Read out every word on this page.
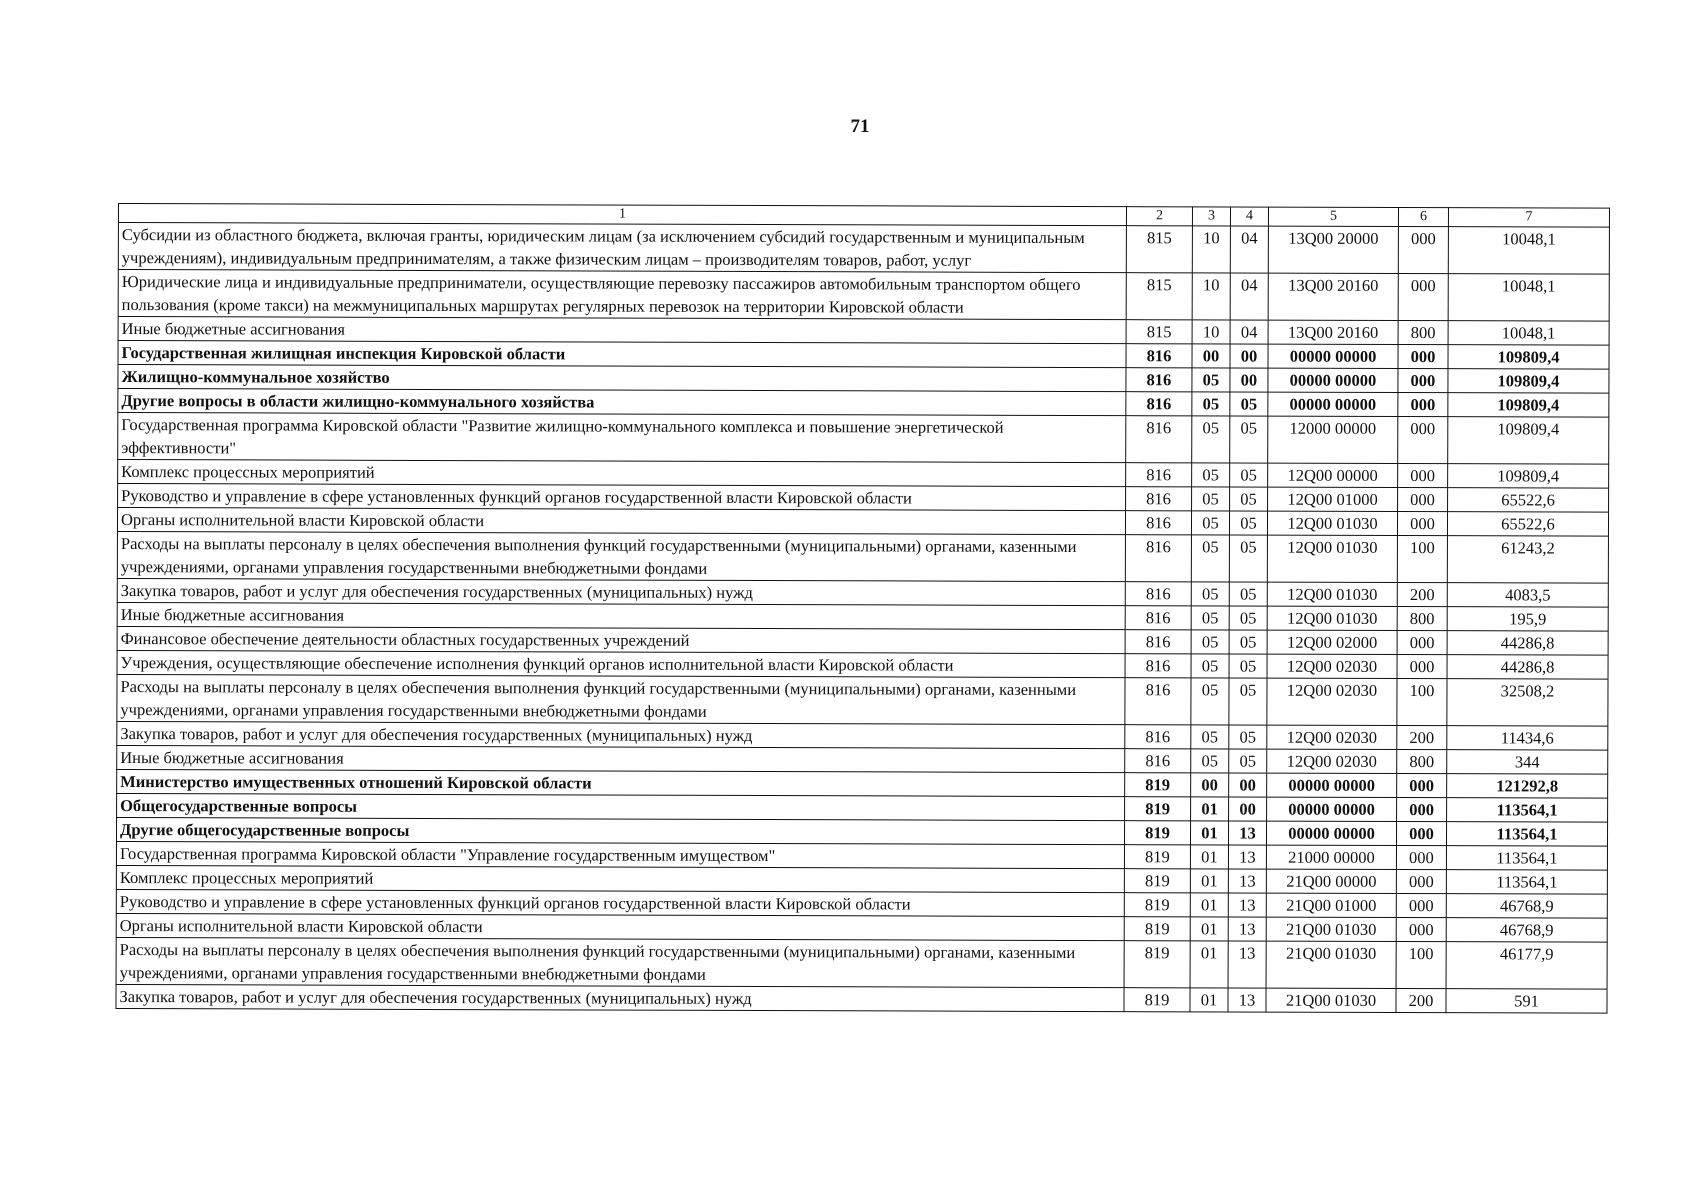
71
1	2	3	4	5	6	7
Субсидии из областного бюджета, включая гранты, юридическим лицам (за исключением субсидий государственным и муниципальным учреждениям), индивидуальным предпринимателям, а также физическим лицам – производителям товаров, работ, услуг	815	10	04	13Q00 20000	000	10048,1
Юридические лица и индивидуальные предприниматели, осуществляющие перевозку пассажиров автомобильным транспортом общего пользования (кроме такси) на межмуниципальных маршрутах регулярных перевозок на территории Кировской области	815	10	04	13Q00 20160	000	10048,1
Иные бюджетные ассигнования	815	10	04	13Q00 20160	800	10048,1
Государственная жилищная инспекция Кировской области	816	00	00	00000 00000	000	109809,4
Жилищно-коммунальное хозяйство	816	05	00	00000 00000	000	109809,4
Другие вопросы в области жилищно-коммунального хозяйства	816	05	05	00000 00000	000	109809,4
Государственная программа Кировской области "Развитие жилищно-коммунального комплекса и повышение энергетической эффективности"	816	05	05	12000 00000	000	109809,4
Комплекс процессных мероприятий	816	05	05	12Q00 00000	000	109809,4
Руководство и управление в сфере установленных функций органов государственной власти Кировской области	816	05	05	12Q00 01000	000	65522,6
Органы исполнительной власти Кировской области	816	05	05	12Q00 01030	000	65522,6
Расходы на выплаты персоналу в целях обеспечения выполнения функций государственными (муниципальными) органами, казенными учреждениями, органами управления государственными внебюджетными фондами	816	05	05	12Q00 01030	100	61243,2
Закупка товаров, работ и услуг для обеспечения государственных (муниципальных) нужд	816	05	05	12Q00 01030	200	4083,5
Иные бюджетные ассигнования	816	05	05	12Q00 01030	800	195,9
Финансовое обеспечение деятельности областных государственных учреждений	816	05	05	12Q00 02000	000	44286,8
Учреждения, осуществляющие обеспечение исполнения функций органов исполнительной власти Кировской области	816	05	05	12Q00 02030	000	44286,8
Расходы на выплаты персоналу в целях обеспечения выполнения функций государственными (муниципальными) органами, казенными учреждениями, органами управления государственными внебюджетными фондами	816	05	05	12Q00 02030	100	32508,2
Закупка товаров, работ и услуг для обеспечения государственных (муниципальных) нужд	816	05	05	12Q00 02030	200	11434,6
Иные бюджетные ассигнования	816	05	05	12Q00 02030	800	344
Министерство имущественных отношений Кировской области	819	00	00	00000 00000	000	121292,8
Общегосударственные вопросы	819	01	00	00000 00000	000	113564,1
Другие общегосударственные вопросы	819	01	13	00000 00000	000	113564,1
Государственная программа Кировской области "Управление государственным имуществом"	819	01	13	21000 00000	000	113564,1
Комплекс процессных мероприятий	819	01	13	21Q00 00000	000	113564,1
Руководство и управление в сфере установленных функций органов государственной власти Кировской области	819	01	13	21Q00 01000	000	46768,9
Органы исполнительной власти Кировской области	819	01	13	21Q00 01030	000	46768,9
Расходы на выплаты персоналу в целях обеспечения выполнения функций государственными (муниципальными) органами, казенными учреждениями, органами управления государственными внебюджетными фондами	819	01	13	21Q00 01030	100	46177,9
Закупка товаров, работ и услуг для обеспечения государственных (муниципальных) нужд	819	01	13	21Q00 01030	200	591
